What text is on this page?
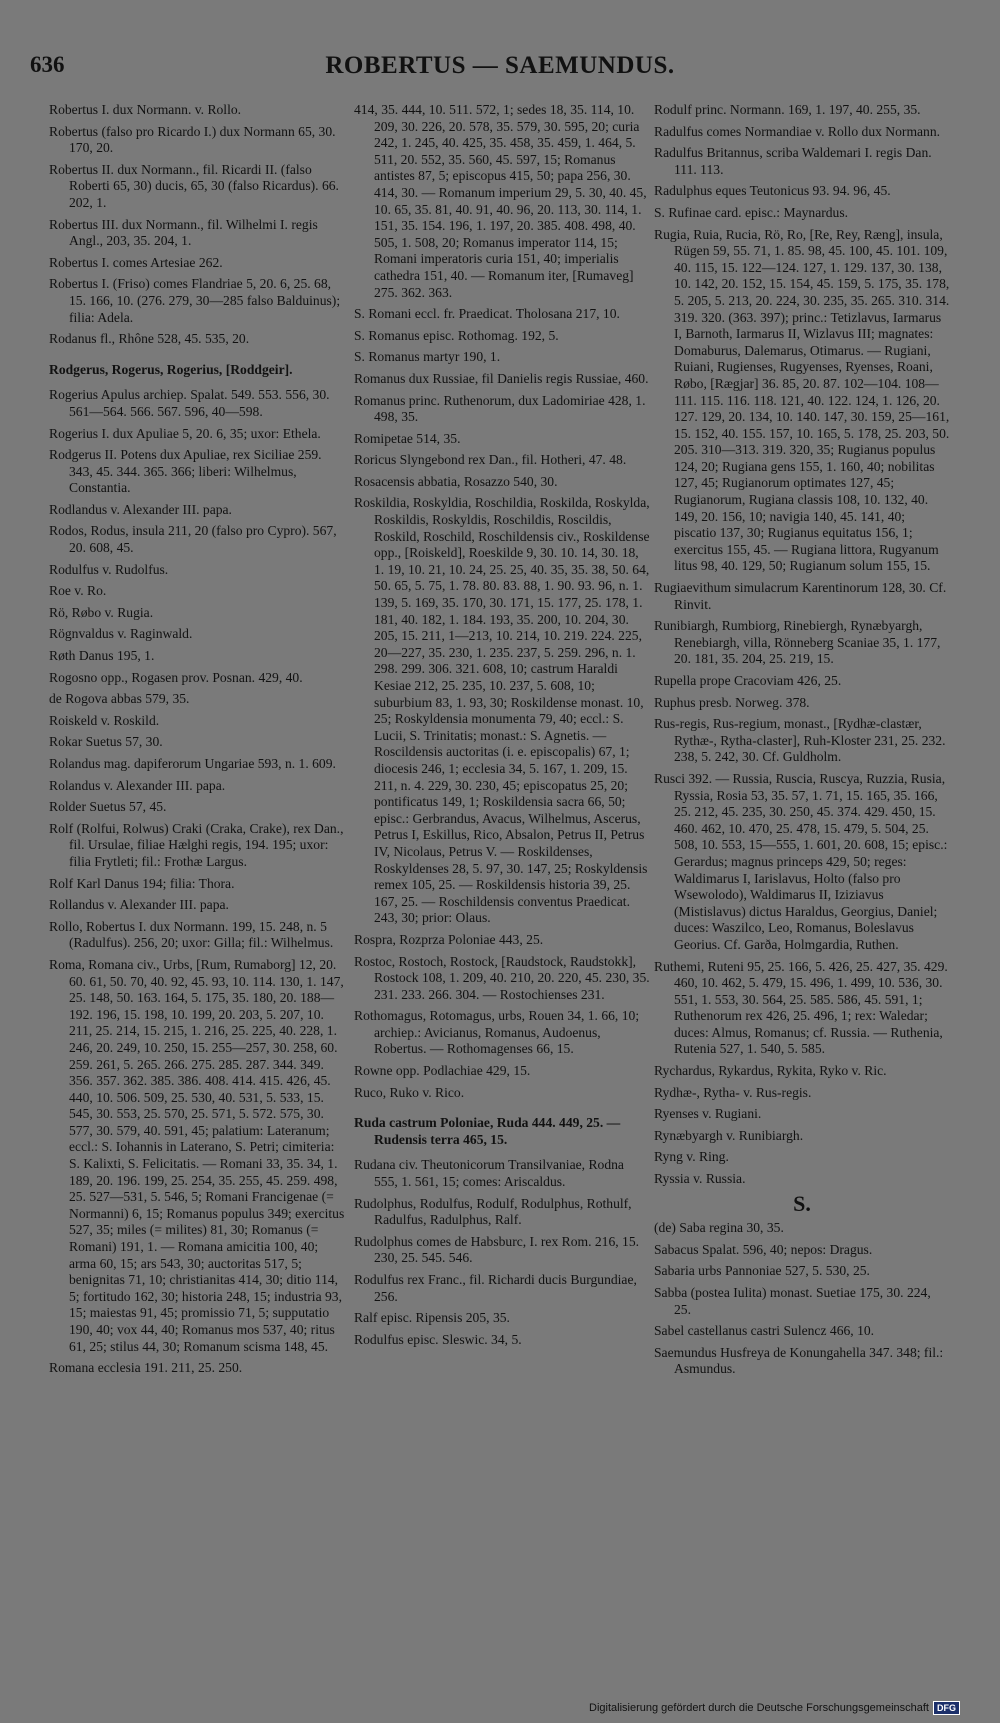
636	ROBERTUS — SAEMUNDUS.
Robertus I. dux Normann. v. Rollo.
Robertus (falso pro Ricardo I.) dux Normann 65, 30. 170, 20.
Robertus II. dux Normann., fil. Ricardi II. (falso Roberti 65, 30) ducis, 65, 30 (falso Ricardus). 66. 202, 1.
Robertus III. dux Normann., fil. Wilhelmi I. regis Angl., 203, 35. 204, 1.
Robertus I. comes Artesiae 262.
Robertus I. (Friso) comes Flandriae 5, 20. 6, 25. 68, 15. 166, 10. (276. 279, 30—285 falso Balduinus); filia: Adela.
Rodanus fl., Rhône 528, 45. 535, 20.
Rodgerus, Rogerus, Rogerius, [Roddgeir].
Rogerius Apulus archiep. Spalat. 549. 553. 556, 30. 561—564. 566. 567. 596, 40—598.
Rogerius I. dux Apuliae 5, 20. 6, 35; uxor: Ethela.
Rodgerus II. Potens dux Apuliae, rex Siciliae 259. 343, 45. 344. 365. 366; liberi: Wilhelmus, Constantia.
Rodlandus v. Alexander III. papa.
Rodos, Rodus, insula 211, 20 (falso pro Cypro). 567, 20. 608, 45.
Rodulfus v. Rudolfus.
Roe v. Ro.
Rö, Røbo v. Rugia.
Rögnvaldus v. Raginwald.
Røth Danus 195, 1.
Rogosno opp., Rogasen prov. Posnan. 429, 40.
de Rogova abbas 579, 35.
Roiskeld v. Roskild.
Rokar Suetus 57, 30.
Rolandus mag. dapiferorum Ungariae 593, n. 1. 609.
Rolandus v. Alexander III. papa.
Rolder Suetus 57, 45.
Rolf (Rolfui, Rolwus) Craki (Craka, Crake), rex Dan., fil. Ursulae, filiae Hælghi regis, 194. 195; uxor: filia Frytleti; fil.: Frothæ Largus.
Rolf Karl Danus 194; filia: Thora.
Rollandus v. Alexander III. papa.
Rollo, Robertus I. dux Normann. 199, 15. 248, n. 5 (Radulfus). 256, 20; uxor: Gilla; fil.: Wilhelmus.
Roma, Romana civ., Urbs, [Rum, Rumaborg] 12, 20. 60. 61, 50. 70, 40. 92, 45. 93, 10. 114. 130, 1. 147, 25. 148, 50. 163. 164, 5. 175, 35. 180, 20. 188—192. 196, 15. 198, 10. 199, 20. 203, 5. 207, 10. 211, 25. 214, 15. 215, 1. 216, 25. 225, 40. 228, 1. 246, 20. 249, 10. 250, 15. 255—257, 30. 258, 60. 259. 261, 5. 265. 266. 275. 285. 287. 344. 349. 356. 357. 362. 385. 386. 408. 414. 415. 426, 45. 440, 10. 506. 509, 25. 530, 40. 531, 5. 533, 15. 545, 30. 553, 25. 570, 25. 571, 5. 572. 575, 30. 577, 30. 579, 40. 591, 45; palatium: Lateranum; eccl.: S. Iohannis in Laterano, S. Petri; cimiteria: S. Kalixti, S. Felicitatis. — Romani 33, 35. 34, 1. 189, 20. 196. 199, 25. 254, 35. 255, 45. 259. 498, 25. 527—531, 5. 546, 5; Romani Francigenae (= Normanni) 6, 15; Romanus populus 349; exercitus 527, 35; miles (= milites) 81, 30; Romanus (= Romani) 191, 1. — Romana amicitia 100, 40; arma 60, 15; ars 543, 30; auctoritas 517, 5; benignitas 71, 10; christianitas 414, 30; ditio 114, 5; fortitudo 162, 30; historia 248, 15; industria 93, 15; maiestas 91, 45; promissio 71, 5; supputatio 190, 40; vox 44, 40; Romanus mos 537, 40; ritus 61, 25; stilus 44, 30; Romanum scisma 148, 45.
Romana ecclesia 191. 211, 25. 250.
414, 35. 444, 10. 511. 572, 1; sedes 18, 35. 114, 10. 209, 30. 226, 20. 578, 35. 579, 30. 595, 20; curia 242, 1. 245, 40. 425, 35. 458, 35. 459, 1. 464, 5. 511, 20. 552, 35. 560, 45. 597, 15; Romanus antistes 87, 5; episcopus 415, 50; papa 256, 30. 414, 30. — Romanum imperium 29, 5. 30, 40. 45, 10. 65, 35. 81, 40. 91, 40. 96, 20. 113, 30. 114, 1. 151, 35. 154. 196, 1. 197, 20. 385. 408. 498, 40. 505, 1. 508, 20; Romanus imperator 114, 15; Romani imperatoris curia 151, 40; imperialis cathedra 151, 40. — Romanum iter, [Rumaveg] 275. 362. 363.
S. Romani eccl. fr. Praedicat. Tholosana 217, 10.
S. Romanus episc. Rothomag. 192, 5.
S. Romanus martyr 190, 1.
Romanus dux Russiae, fil Danielis regis Russiae, 460.
Romanus princ. Ruthenorum, dux Ladomiriae 428, 1. 498, 35.
Romipetae 514, 35.
Roricus Slyngebond rex Dan., fil. Hotheri, 47. 48.
Rosacensis abbatia, Rosazzo 540, 30.
Roskildia, Roskyldia, Roschildia, Roskilda, Roskylda, Roskildis, Roskyldis, Roschildis, Roscildis, Roskild, Roschild, Roschildensis civ., Roskildense opp., [Roiskeld], Roeskilde 9, 30. 10. 14, 30. 18, 1. 19, 10. 21, 10. 24, 25. 25, 40. 35, 35. 38, 50. 64, 50. 65, 5. 75, 1. 78. 80. 83. 88, 1. 90. 93. 96, n. 1. 139, 5. 169, 35. 170, 30. 171, 15. 177, 25. 178, 1. 181, 40. 182, 1. 184. 193, 35. 200, 10. 204, 30. 205, 15. 211, 1—213, 10. 214, 10. 219. 224. 225, 20—227, 35. 230, 1. 235. 237, 5. 259. 296, n. 1. 298. 299. 306. 321. 608, 10; castrum Haraldi Kesiae 212, 25. 235, 10. 237, 5. 608, 10; suburbium 83, 1. 93, 30; Roskildense monast. 10, 25; Roskyldensia monumenta 79, 40; eccl.: S. Lucii, S. Trinitatis; monast.: S. Agnetis. — Roscildensis auctoritas (i. e. episcopalis) 67, 1; diocesis 246, 1; ecclesia 34, 5. 167, 1. 209, 15. 211, n. 4. 229, 30. 230, 45; episcopatus 25, 20; pontificatus 149, 1; Roskildensia sacra 66, 50; episc.: Gerbrandus, Avacus, Wilhelmus, Ascerus, Petrus I, Eskillus, Rico, Absalon, Petrus II, Petrus IV, Nicolaus, Petrus V. — Roskildenses, Roskyldenses 28, 5. 97, 30. 147, 25; Roskyldensis remex 105, 25. — Roskildensis historia 39, 25. 167, 25. — Roschildensis conventus Praedicat. 243, 30; prior: Olaus.
Rospra, Rozprza Poloniae 443, 25.
Rostoc, Rostoch, Rostock, [Raudstock, Raudstokk], Rostock 108, 1. 209, 40. 210, 20. 220, 45. 230, 35. 231. 233. 266. 304. — Rostochienses 231.
Rothomagus, Rotomagus, urbs, Rouen 34, 1. 66, 10; archiep.: Avicianus, Romanus, Audoenus, Robertus. — Rothomagenses 66, 15.
Rowne opp. Podlachiae 429, 15.
Ruco, Ruko v. Rico.
Ruda castrum Poloniae, Ruda 444. 449, 25. — Rudensis terra 465, 15.
Rudana civ. Theutonicorum Transilvaniae, Rodna 555, 1. 561, 15; comes: Ariscaldus.
Rudolphus, Rodulfus, Rodulf, Rodulphus, Rothulf, Radulfus, Radulphus, Ralf.
Rudolphus comes de Habsburc, I. rex Rom. 216, 15. 230, 25. 545. 546.
Rodulfus rex Franc., fil. Richardi ducis Burgundiae, 256.
Ralf episc. Ripensis 205, 35.
Rodulfus episc. Sleswic. 34, 5.
Rodulf princ. Normann. 169, 1. 197, 40. 255, 35.
Radulfus comes Normandiae v. Rollo dux Normann.
Radulfus Britannus, scriba Waldemari I. regis Dan. 111. 113.
Radulphus eques Teutonicus 93. 94. 96, 45.
S. Rufinae card. episc.: Maynardus.
Rugia, Ruia, Rucia, Rö, Ro, [Re, Rey, Ræng], insula, Rügen 59, 55. 71, 1. 85. 98, 45. 100, 45. 101. 109, 40. 115, 15. 122—124. 127, 1. 129. 137, 30. 138, 10. 142, 20. 152, 15. 154, 45. 159, 5. 175, 35. 178, 5. 205, 5. 213, 20. 224, 30. 235, 35. 265. 310. 314. 319. 320. (363. 397); princ.: Tetizlavus, Iarmarus I, Barnoth, Iarmarus II, Wizlavus III; magnates: Domaburus, Dalemarus, Otimarus. — Rugiani, Ruiani, Rugienses, Rugyenses, Ryenses, Roani, Røbo, [Rægjar] 36. 85, 20. 87. 102—104. 108—111. 115. 116. 118. 121, 40. 122. 124, 1. 126, 20. 127. 129, 20. 134, 10. 140. 147, 30. 159, 25—161, 15. 152, 40. 155. 157, 10. 165, 5. 178, 25. 203, 50. 205. 310—313. 319. 320, 35; Rugianus populus 124, 20; Rugiana gens 155, 1. 160, 40; nobilitas 127, 45; Rugianorum optimates 127, 45; Rugianorum, Rugiana classis 108, 10. 132, 40. 149, 20. 156, 10; navigia 140, 45. 141, 40; piscatio 137, 30; Rugianus equitatus 156, 1; exercitus 155, 45. — Rugiana littora, Rugyanum litus 98, 40. 129, 50; Rugianum solum 155, 15.
Rugiaevithum simulacrum Karentinorum 128, 30. Cf. Rinvit.
Runibiargh, Rumbiorg, Rinebiergh, Rynæbyargh, Renebiargh, villa, Rönneberg Scaniae 35, 1. 177, 20. 181, 35. 204, 25. 219, 15.
Rupella prope Cracoviam 426, 25.
Ruphus presb. Norweg. 378.
Rus-regis, Rus-regium, monast., [Rydhæ-clastær, Rythæ-, Rytha-claster], Ruh-Kloster 231, 25. 232. 238, 5. 242, 30. Cf. Guldholm.
Rusci 392. — Russia, Ruscia, Ruscya, Ruzzia, Rusia, Ryssia, Rosia 53, 35. 57, 1. 71, 15. 165, 35. 166, 25. 212, 45. 235, 30. 250, 45. 374. 429. 450, 15. 460. 462, 10. 470, 25. 478, 15. 479, 5. 504, 25. 508, 10. 553, 15—555, 1. 601, 20. 608, 15; episc.: Gerardus; magnus princeps 429, 50; reges: Waldimarus I, Iarislavus, Holto (falso pro Wsewolodo), Waldimarus II, Iziziavus (Mistislavus) dictus Haraldus, Georgius, Daniel; duces: Waszilco, Leo, Romanus, Boleslavus Georius. Cf. Garða, Holmgardia, Ruthen.
Ruthemi, Ruteni 95, 25. 166, 5. 426, 25. 427, 35. 429. 460, 10. 462, 5. 479, 15. 496, 1. 499, 10. 536, 30. 551, 1. 553, 30. 564, 25. 585. 586, 45. 591, 1; Ruthenorum rex 426, 25. 496, 1; rex: Waledar; duces: Almus, Romanus; cf. Russia. — Ruthenia, Rutenia 527, 1. 540, 5. 585.
Rychardus, Rykardus, Rykita, Ryko v. Ric.
Rydhæ-, Rytha- v. Rus-regis.
Ryenses v. Rugiani.
Rynæbyargh v. Runibiargh.
Ryng v. Ring.
Ryssia v. Russia.
S.
(de) Saba regina 30, 35.
Sabacus Spalat. 596, 40; nepos: Dragus.
Sabaria urbs Pannoniae 527, 5. 530, 25.
Sabba (postea Iulita) monast. Suetiae 175, 30. 224, 25.
Sabel castellanus castri Sulencz 466, 10.
Saemundus Husfreya de Konungahella 347. 348; fil.: Asmundus.
Digitalisierung gefördert durch die Deutsche Forschungsgemeinschaft DFG
